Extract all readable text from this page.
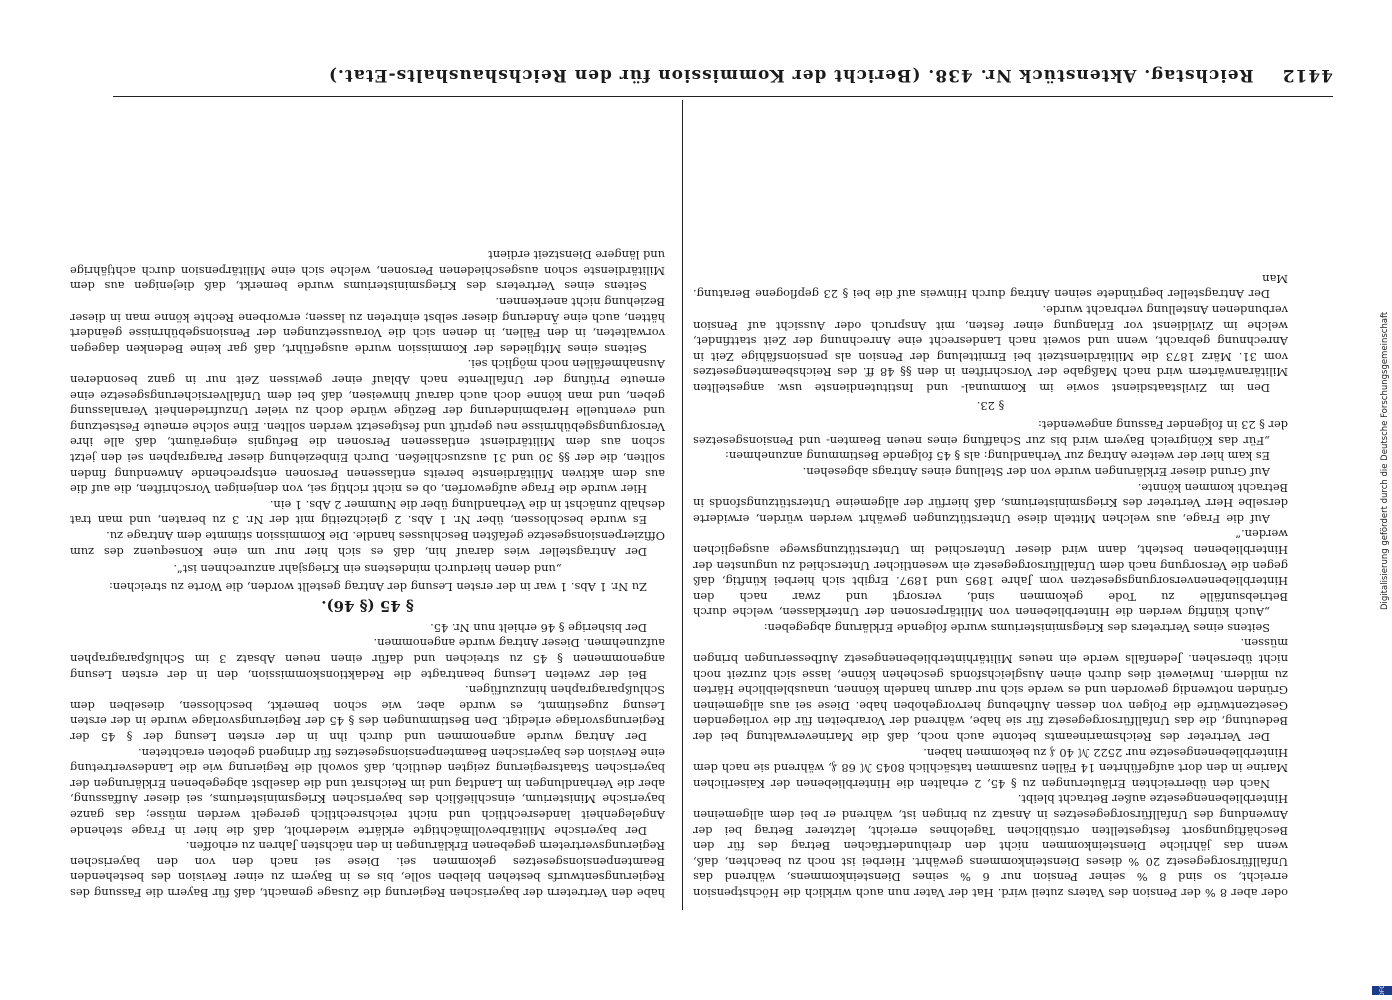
4412Reichstag. Aktenstück Nr. 438. (Bericht der Kommission für den Reichshaushalts-Etat.)

oder aber 8 % der Pension des Vaters zuteil wird. Hat der Vater nun auch wirklich die Höchstpension erreicht, so sind 8 % seiner Pension nur 6 % seines Diensteinkommens, während das Unfallfürsorgegesetz 20 % dieses Diensteinkommens gewährt. Hierbei ist noch zu beachten, daß, wenn das jährliche Diensteinkommen nicht den dreihundertfachen Betrag des für den Beschäftigungsort festgestellten ortsüblichen Tagelohnes erreicht, letzterer Betrag bei der Anwendung des Unfallfürsorgegesetzes in Ansatz zu bringen ist, während er bei dem allgemeinen Hinterbliebenengesetze außer Betracht bleibt.

Nach den überreichten Erläuterungen zu § 45, 2 erhalten die Hinterbliebenen der Kaiserlichen Marine in den dort aufgeführten 14 Fällen zusammen tatsächlich 8045 ℳ 68 ₰, während sie nach dem Hinterbliebenengesetze nur 2522 ℳ 40 ₰ zu bekommen haben.

Der Vertreter des Reichsmarineamts betonte auch noch, daß die Marineverwaltung bei der Bedeutung, die das Unfallfürsorgegesetz für sie habe, während der Vorarbeiten für die vorliegenden Gesetzentwürfe die Folgen von dessen Aufhebung hervorgehoben habe. Diese sei aus allgemeinen Gründen notwendig geworden und es werde sich nur darum handeln können, unausbleibliche Härten zu mildern. Inwieweit dies durch einen Ausgleichsfonds geschehen könne, lasse sich zurzeit noch nicht übersehen. Jedenfalls werde ein neues Militärhinterbliebenengesetz Aufbesserungen bringen müssen.

Seitens eines Vertreters des Kriegsministeriums wurde folgende Erklärung abgegeben:

„Auch künftig werden die Hinterbliebenen von Militärpersonen der Unterklassen, welche durch Betriebsunfälle zu Tode gekommen sind, versorgt und zwar nach den Hinterbliebenenversorgungsgesetzen vom Jahre 1895 und 1897. Ergibt sich hierbei künftig, daß gegen die Versorgung nach dem Unfallfürsorgegesetz ein wesentlicher Unterschied zu ungunsten der Hinterbliebenen besteht, dann wird dieser Unterschied im Unterstützungswege ausgeglichen werden.“

Auf die Frage, aus welchen Mitteln diese Unterstützungen gewährt werden würden, erwiderte derselbe Herr Vertreter des Kriegsministeriums, daß hierfür der allgemeine Unterstützungsfonds in Betracht kommen könnte.

Auf Grund dieser Erklärungen wurde von der Stellung eines Antrags abgesehen.

Es kam hier der weitere Antrag zur Verhandlung: als § 45 folgende Bestimmung anzunehmen:

„Für das Königreich Bayern wird bis zur Schaffung eines neuen Beamten- und Pensionsgesetzes der § 23 in folgender Fassung angewendet:

§ 23.

Den im Zivilstaatsdienst sowie im Kommunal- und Institutendienste usw. angestellten Militäranwärtern wird nach Maßgabe der Vorschriften in den §§ 48 ff. des Reichsbeamtengesetzes vom 31. März 1873 die Militärdienstzeit bei Ermittelung der Pension als pensionsfähige Zeit in Anrechnung gebracht, wenn und soweit nach Landesrecht eine Anrechnung der Zeit stattfindet, welche im Zivildienst vor Erlangung einer festen, mit Anspruch oder Aussicht auf Pension verbundenen Anstellung verbracht wurde.

Der Antragsteller begründete seinen Antrag durch Hinweis auf die bei § 23 gepflogene Beratung. Man

habe den Vertretern der bayerischen Regierung die Zusage gemacht, daß für Bayern die Fassung des Regierungsentwurfs bestehen bleiben solle, bis es in Bayern zu einer Revision des bestehenden Beamtenpensionsgesetzes gekommen sei. Diese sei nach den von den bayerischen Regierungsvertretern gegebenen Erklärungen in den nächsten Jahren zu erhoffen.

Der bayerische Militärbevollmächtigte erklärte wiederholt, daß die hier in Frage stehende Angelegenheit landesrechtlich und nicht reichsrechtlich geregelt werden müsse; das ganze bayerische Ministerium, einschließlich des bayerischen Kriegsministeriums, sei dieser Auffassung, aber die Verhandlungen im Landtag und im Reichsrat und die daselbst abgegebenen Erklärungen der bayerischen Staatsregierung zeigten deutlich, daß sowohl die Regierung wie die Landesvertretung eine Revision des bayerischen Beamtenpensionsgesetzes für dringend geboten erachteten.

Der Antrag wurde angenommen und durch ihn in der ersten Lesung der § 45 der Regierungsvorlage erledigt. Den Bestimmungen des § 45 der Regierungsvorlage wurde in der ersten Lesung zugestimmt, es wurde aber, wie schon bemerkt, beschlossen, dieselben dem Schlußparagraphen hinzuzufügen.

Bei der zweiten Lesung beantragte die Redaktionskommission, den in der ersten Lesung angenommenen § 45 zu streichen und dafür einen neuen Absatz 3 im Schlußparagraphen aufzunehmen. Dieser Antrag wurde angenommen.

Der bisherige § 46 erhielt nun Nr. 45.

§ 45 (§ 46).

Zu Nr. 1 Abs. 1 war in der ersten Lesung der Antrag gestellt worden, die Worte zu streichen:

„und denen hierdurch mindestens ein Kriegsjahr anzurechnen ist“.

Der Antragsteller wies darauf hin, daß es sich hier nur um eine Konsequenz des zum Offizierpensionsgesetze gefaßten Beschlusses handle. Die Kommission stimmte dem Antrage zu.

Es wurde beschlossen, über Nr. 1 Abs. 2 gleichzeitig mit der Nr. 3 zu beraten, und man trat deshalb zunächst in die Verhandlung über die Nummer 2 Abs. 1 ein.

Hier wurde die Frage aufgeworfen, ob es nicht richtig sei, von denjenigen Vorschriften, die auf die aus dem aktiven Militärdienste bereits entlassenen Personen entsprechende Anwendung finden sollten, die der §§ 30 und 31 auszuschließen. Durch Einbeziehung dieser Paragraphen sei den jetzt schon aus dem Militärdienst entlassenen Personen die Befugnis eingeräumt, daß alle ihre Versorgungsgebührnisse neu geprüft und festgesetzt werden sollten. Eine solche erneute Festsetzung und eventuelle Herabminderung der Bezüge würde doch zu vieler Unzufriedenheit Veranlassung geben, und man könne doch auch darauf hinweisen, daß bei dem Unfallversicherungsgesetze eine erneute Prüfung der Unfallrente nach Ablauf einer gewissen Zeit nur in ganz besonderen Ausnahmefällen noch möglich sei.

Seitens eines Mitgliedes der Kommission wurde ausgeführt, daß gar keine Bedenken dagegen vorwalteten, in den Fällen, in denen sich die Voraussetzungen der Pensionsgebührnisse geändert hätten, auch eine Änderung dieser selbst eintreten zu lassen; erworbene Rechte könne man in dieser Beziehung nicht anerkennen.

Seitens eines Vertreters des Kriegsministeriums wurde bemerkt, daß diejenigen aus dem Militärdienste schon ausgeschiedenen Personen, welche sich eine Militärpension durch achtjährige und längere Dienstzeit erdient

Digitalisierung gefördert durch die Deutsche Forschungsgemeinschaft
DFG
